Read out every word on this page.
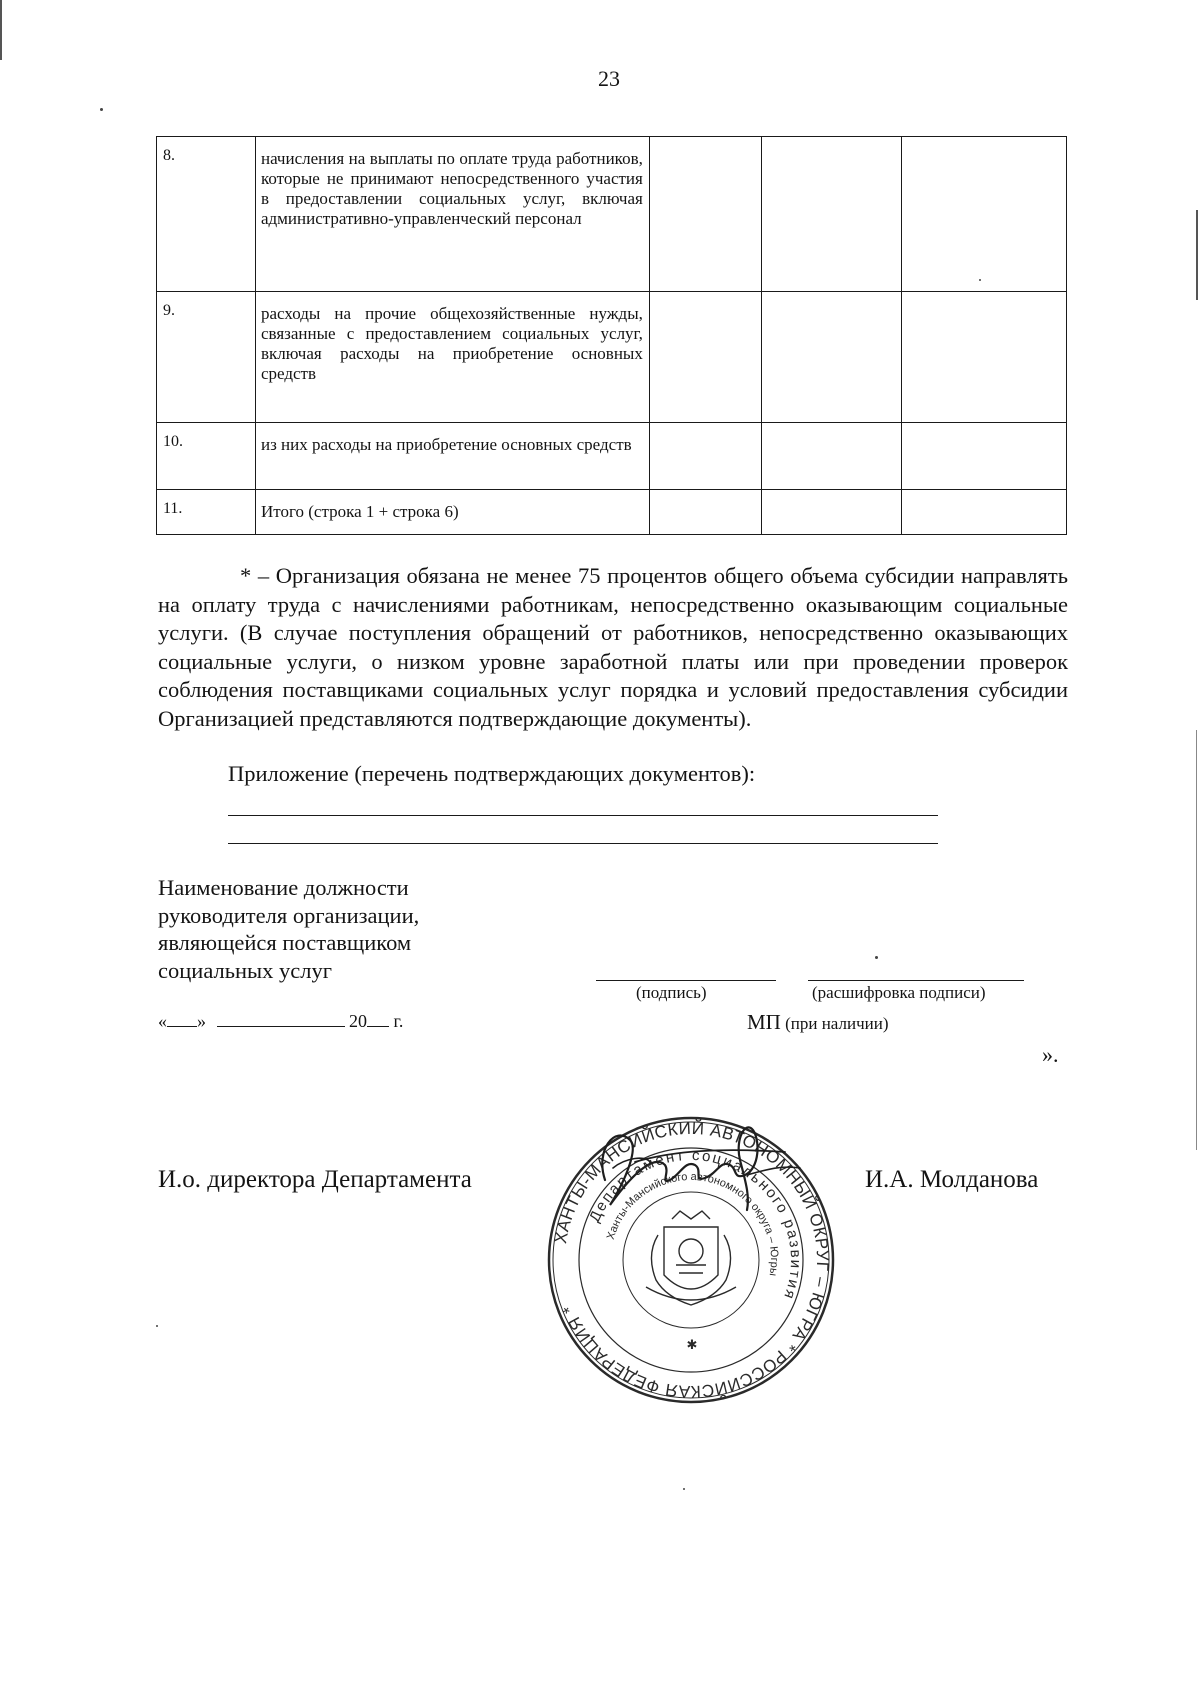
23
8.	начисления на выплаты по оплате труда работников, которые не принимают непосредственного участия в предоставлении социальных услуг, включая административно-управленческий персонал			
9.	расходы на прочие общехозяйственные нужды, связанные с предоставлением социальных услуг, включая расходы на приобретение основных средств			
10.	из них расходы на приобретение основных средств			
11.	Итого (строка 1 + строка 6)			
* – Организация обязана не менее 75 процентов общего объема субсидии направлять на оплату труда с начислениями работникам, непосредственно оказывающим социальные услуги. (В случае поступления обращений от работников, непосредственно оказывающих социальные услуги, о низком уровне заработной платы или при проведении проверок соблюдения поставщиками социальных услуг порядка и условий предоставления субсидии Организацией представляются подтверждающие документы).
Приложение (перечень подтверждающих документов):
Наименование должности
руководителя организации,
являющейся поставщиком
социальных услуг
(подпись)	(расшифровка подписи)
МП (при наличии)
« »	20 г.
».
И.о. директора Департамента	И.А. Молданова
ХАНТЫ-МАНСИЙСКИЙ АВТОНОМНЫЙ ОКРУГ – ЮГРА * РОССИЙСКАЯ ФЕДЕРАЦИЯ *
Департамент социального развития
Ханты-Мансийского автономного округа – Югры
✱
